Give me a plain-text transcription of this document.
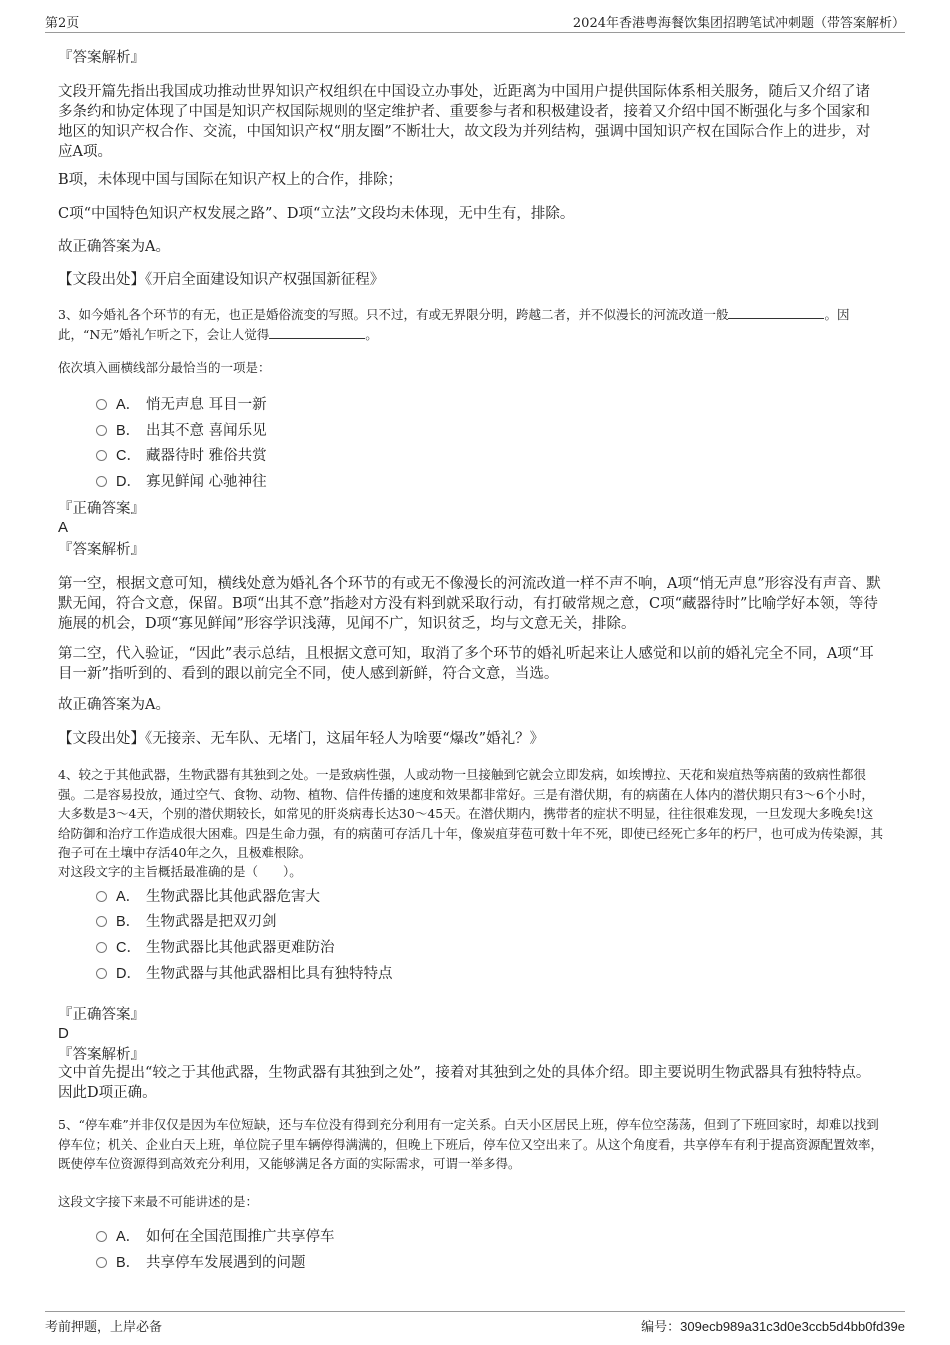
第2页	2024年香港粤海餐饮集团招聘笔试冲刺题（带答案解析）
『答案解析』
文段开篇先指出我国成功推动世界知识产权组织在中国设立办事处，近距离为中国用户提供国际体系相关服务，随后又介绍了诸多条约和协定体现了中国是知识产权国际规则的坚定维护者、重要参与者和积极建设者，接着又介绍中国不断强化与多个国家和地区的知识产权合作、交流，中国知识产权“朋友圈”不断壮大，故文段为并列结构，强调中国知识产权在国际合作上的进步，对应A项。
B项，未体现中国与国际在知识产权上的合作，排除；
C项“中国特色知识产权发展之路”、D项“立法”文段均未体现，无中生有，排除。
故正确答案为A。
【文段出处】《开启全面建设知识产权强国新征程》
3、如今婚礼各个环节的有无，也正是婚俗流变的写照。只不过，有或无界限分明，跨越二者，并不似漫长的河流改道一般	。因此，“N无”婚礼乍听之下，会让人觉得	。
依次填入画横线部分最恰当的一项是：
A． 悄无声息 耳目一新
B． 出其不意 喜闻乐见
C． 藏器待时 雅俗共赏
D． 寡见鲜闻 心驰神往
『正确答案』
A
『答案解析』
第一空，根据文意可知，横线处意为婚礼各个环节的有或无不像漫长的河流改道一样不声不响，A项“悄无声息”形容没有声音、默默无闻，符合文意，保留。B项“出其不意”指趁对方没有料到就采取行动，有打破常规之意，C项“藏器待时”比喻学好本领，等待施展的机会，D项“寡见鲜闻”形容学识浅薄，见闻不广，知识贫乏，均与文意无关，排除。
第二空，代入验证，“因此”表示总结，且根据文意可知，取消了多个环节的婚礼听起来让人感觉和以前的婚礼完全不同，A项“耳目一新”指听到的、看到的跟以前完全不同，使人感到新鲜，符合文意，当选。
故正确答案为A。
【文段出处】《无接亲、无车队、无堵门，这届年轻人为啥要“爆改”婚礼？》
4、较之于其他武器，生物武器有其独到之处。一是致病性强，人或动物一旦接触到它就会立即发病，如埃博拉、天花和炭疽热等病菌的致病性都很强。二是容易投放，通过空气、食物、动物、植物、信件传播的速度和效果都非常好。三是有潜伏期，有的病菌在人体内的潜伏期只有3～6个小时，大多数是3～4天，个别的潜伏期较长，如常见的肝炎病毒长达30～45天。在潜伏期内，携带者的症状不明显，往往很难发现，一旦发现大多晚矣!这给防御和治疗工作造成很大困难。四是生命力强，有的病菌可存活几十年，像炭疽芽苞可数十年不死，即使已经死亡多年的朽尸，也可成为传染源，其孢子可在土壤中存活40年之久，且极难根除。
对这段文字的主旨概括最准确的是（　　）。
A． 生物武器比其他武器危害大
B． 生物武器是把双刃剑
C． 生物武器比其他武器更难防治
D． 生物武器与其他武器相比具有独特特点
『正确答案』
D
『答案解析』
文中首先提出“较之于其他武器，生物武器有其独到之处”，接着对其独到之处的具体介绍。即主要说明生物武器具有独特特点。因此D项正确。
5、“停车难”并非仅仅是因为车位短缺，还与车位没有得到充分利用有一定关系。白天小区居民上班，停车位空荡荡，但到了下班回家时，却难以找到停车位；机关、企业白天上班，单位院子里车辆停得满满的，但晚上下班后，停车位又空出来了。从这个角度看，共享停车有利于提高资源配置效率，既使停车位资源得到高效充分利用，又能够满足各方面的实际需求，可谓一举多得。
这段文字接下来最不可能讲述的是：
A． 如何在全国范围推广共享停车
B． 共享停车发展遇到的问题
考前押题，上岸必备	编号：309ecb989a31c3d0e3ccb5d4bb0fd39e
